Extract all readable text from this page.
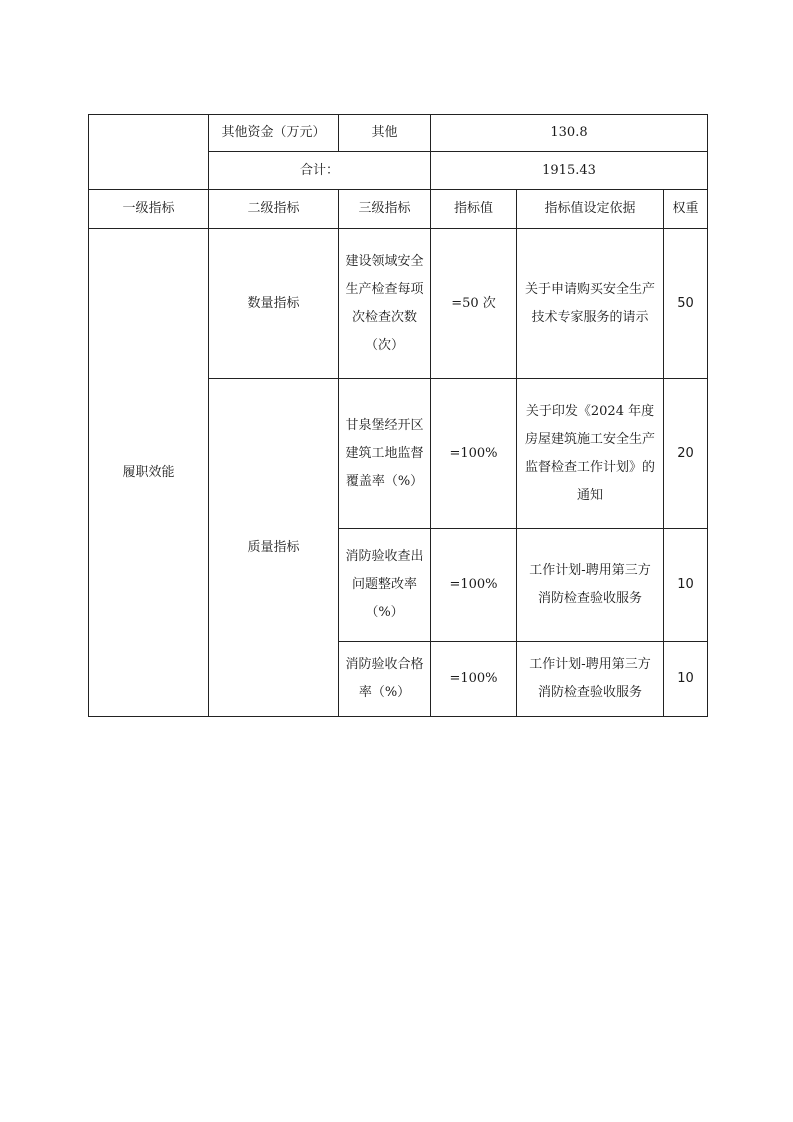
	其他资金（万元）	其他	130.8		
	合计：		1915.43		
一级指标	二级指标	三级指标	指标值	指标值设定依据	权重
履职效能	数量指标	建设领域安全生产检查每项次检查次数（次）	=50 次	关于申请购买安全生产技术专家服务的请示	50
	质量指标	甘泉堡经开区建筑工地监督覆盖率（%）	=100%	关于印发《2024 年度房屋建筑施工安全生产监督检查工作计划》的通知	20
		消防验收查出问题整改率（%）	=100%	工作计划-聘用第三方消防检查验收服务	10
		消防验收合格率（%）	=100%	工作计划-聘用第三方消防检查验收服务	10
